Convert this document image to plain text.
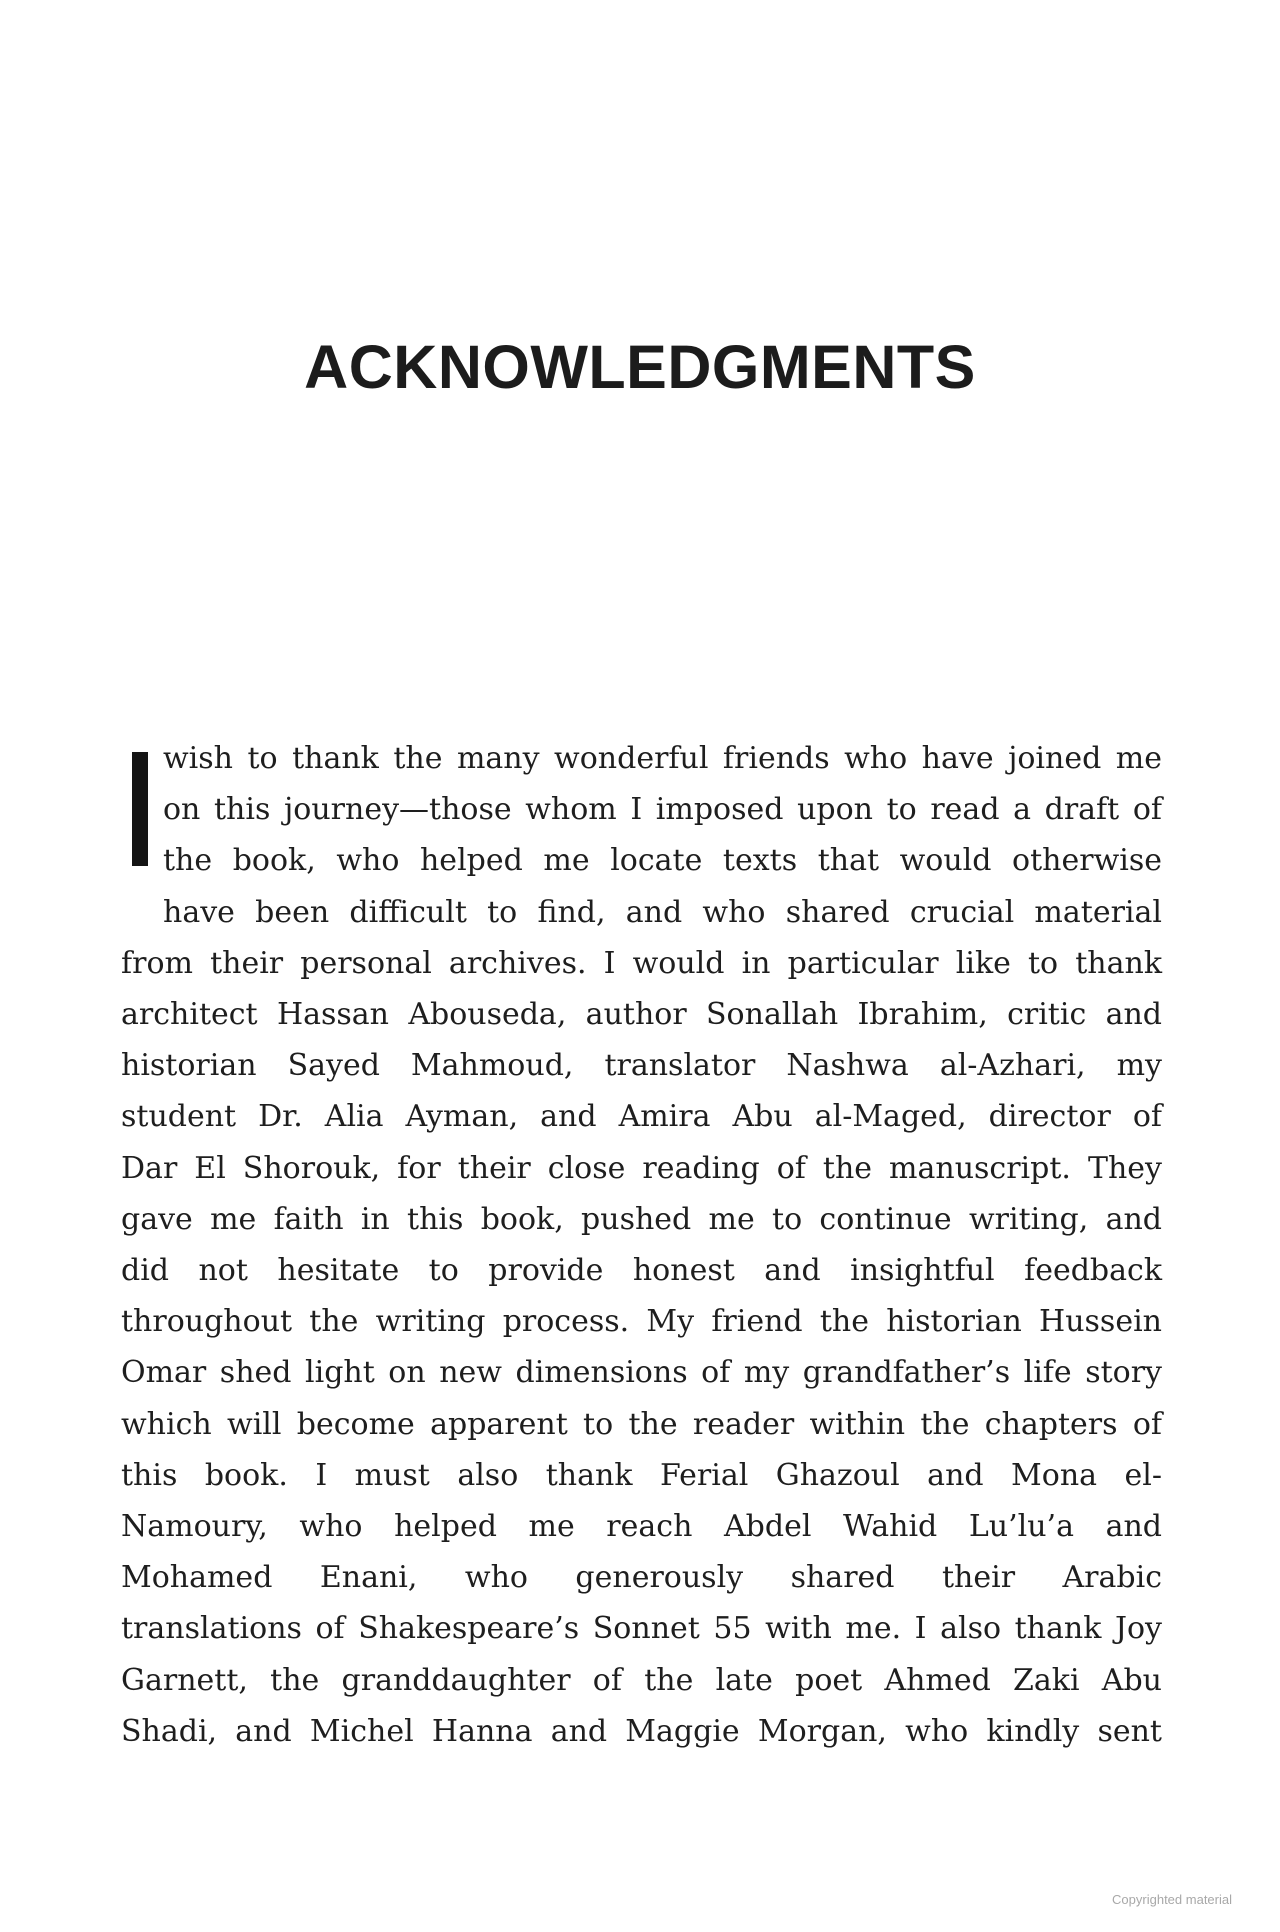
ACKNOWLEDGMENTS
wish to thank the many wonderful friends who have joined me
on this journey—those whom I imposed upon to read a draft of
the book, who helped me locate texts that would otherwise
have been difficult to find, and who shared crucial material
from their personal archives. I would in particular like to thank
architect Hassan Abouseda, author Sonallah Ibrahim, critic and
historian Sayed Mahmoud, translator Nashwa al-Azhari, my
student Dr. Alia Ayman, and Amira Abu al-Maged, director of
Dar El Shorouk, for their close reading of the manuscript. They
gave me faith in this book, pushed me to continue writing, and
did not hesitate to provide honest and insightful feedback
throughout the writing process. My friend the historian Hussein
Omar shed light on new dimensions of my grandfather’s life story
which will become apparent to the reader within the chapters of
this book. I must also thank Ferial Ghazoul and Mona el-
Namoury, who helped me reach Abdel Wahid Lu’lu’a and
Mohamed Enani, who generously shared their Arabic
translations of Shakespeare’s Sonnet 55 with me. I also thank Joy
Garnett, the granddaughter of the late poet Ahmed Zaki Abu
Shadi, and Michel Hanna and Maggie Morgan, who kindly sent
Copyrighted material
